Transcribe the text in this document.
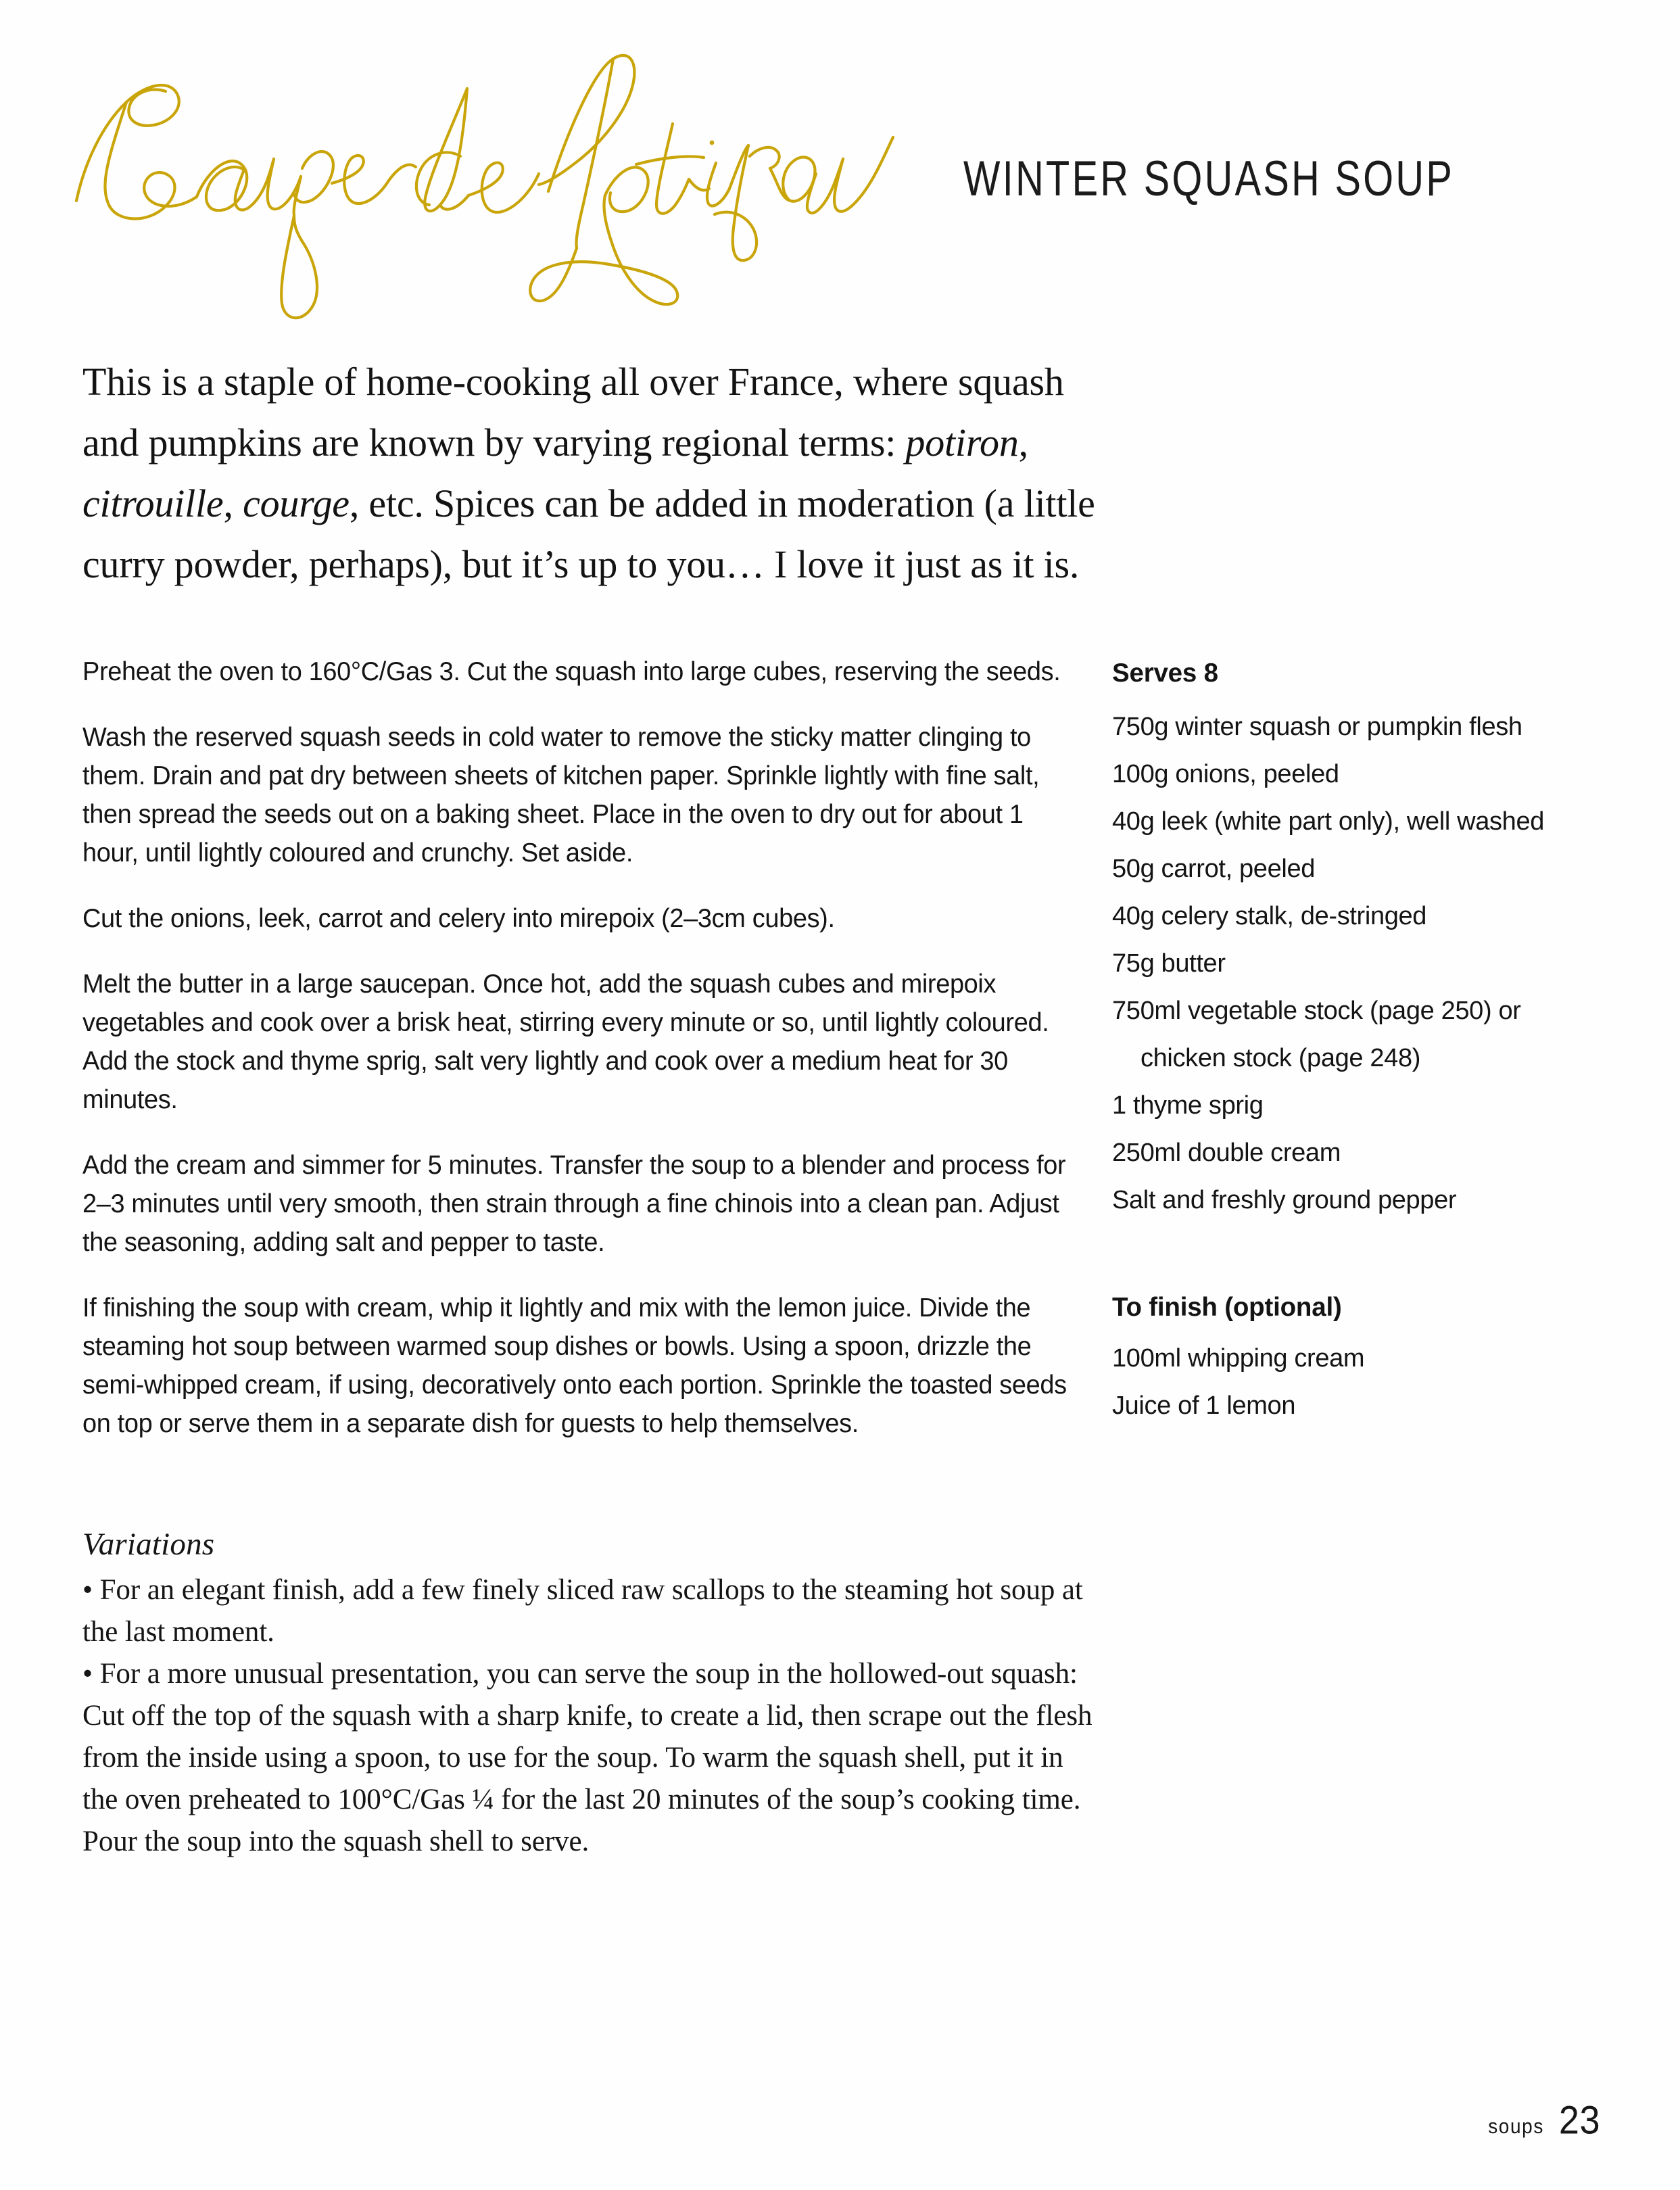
WINTER SQUASH SOUP
This is a staple of home-cooking all over France, where squash and pumpkins are known by varying regional terms: potiron, citrouille, courge, etc. Spices can be added in moderation (a little curry powder, perhaps), but it’s up to you… I love it just as it is.

Preheat the oven to 160°C/Gas 3. Cut the squash into large cubes, reserving the seeds.

Wash the reserved squash seeds in cold water to remove the sticky matter clinging to them. Drain and pat dry between sheets of kitchen paper. Sprinkle lightly with fine salt, then spread the seeds out on a baking sheet. Place in the oven to dry out for about 1 hour, until lightly coloured and crunchy. Set aside.

Cut the onions, leek, carrot and celery into mirepoix (2–3cm cubes).

Melt the butter in a large saucepan. Once hot, add the squash cubes and mirepoix vegetables and cook over a brisk heat, stirring every minute or so, until lightly coloured. Add the stock and thyme sprig, salt very lightly and cook over a medium heat for 30 minutes.

Add the cream and simmer for 5 minutes. Transfer the soup to a blender and process for 2–3 minutes until very smooth, then strain through a fine chinois into a clean pan. Adjust the seasoning, adding salt and pepper to taste.

If finishing the soup with cream, whip it lightly and mix with the lemon juice. Divide the steaming hot soup between warmed soup dishes or bowls. Using a spoon, drizzle the semi-whipped cream, if using, decoratively onto each portion. Sprinkle the toasted seeds on top or serve them in a separate dish for guests to help themselves.

Serves 8
750g winter squash or pumpkin flesh
100g onions, peeled
40g leek (white part only), well washed
50g carrot, peeled
40g celery stalk, de-stringed
75g butter
750ml vegetable stock (page 250) or
chicken stock (page 248)
1 thyme sprig
250ml double cream
Salt and freshly ground pepper
To finish (optional)
100ml whipping cream
Juice of 1 lemon
Variations

• For an elegant finish, add a few finely sliced raw scallops to the steaming hot soup at the last moment.

• For a more unusual presentation, you can serve the soup in the hollowed-out squash: Cut off the top of the squash with a sharp knife, to create a lid, then scrape out the flesh from the inside using a spoon, to use for the soup. To warm the squash shell, put it in the oven preheated to 100°C/Gas ¼ for the last 20 minutes of the soup’s cooking time. Pour the soup into the squash shell to serve.

soups 23
